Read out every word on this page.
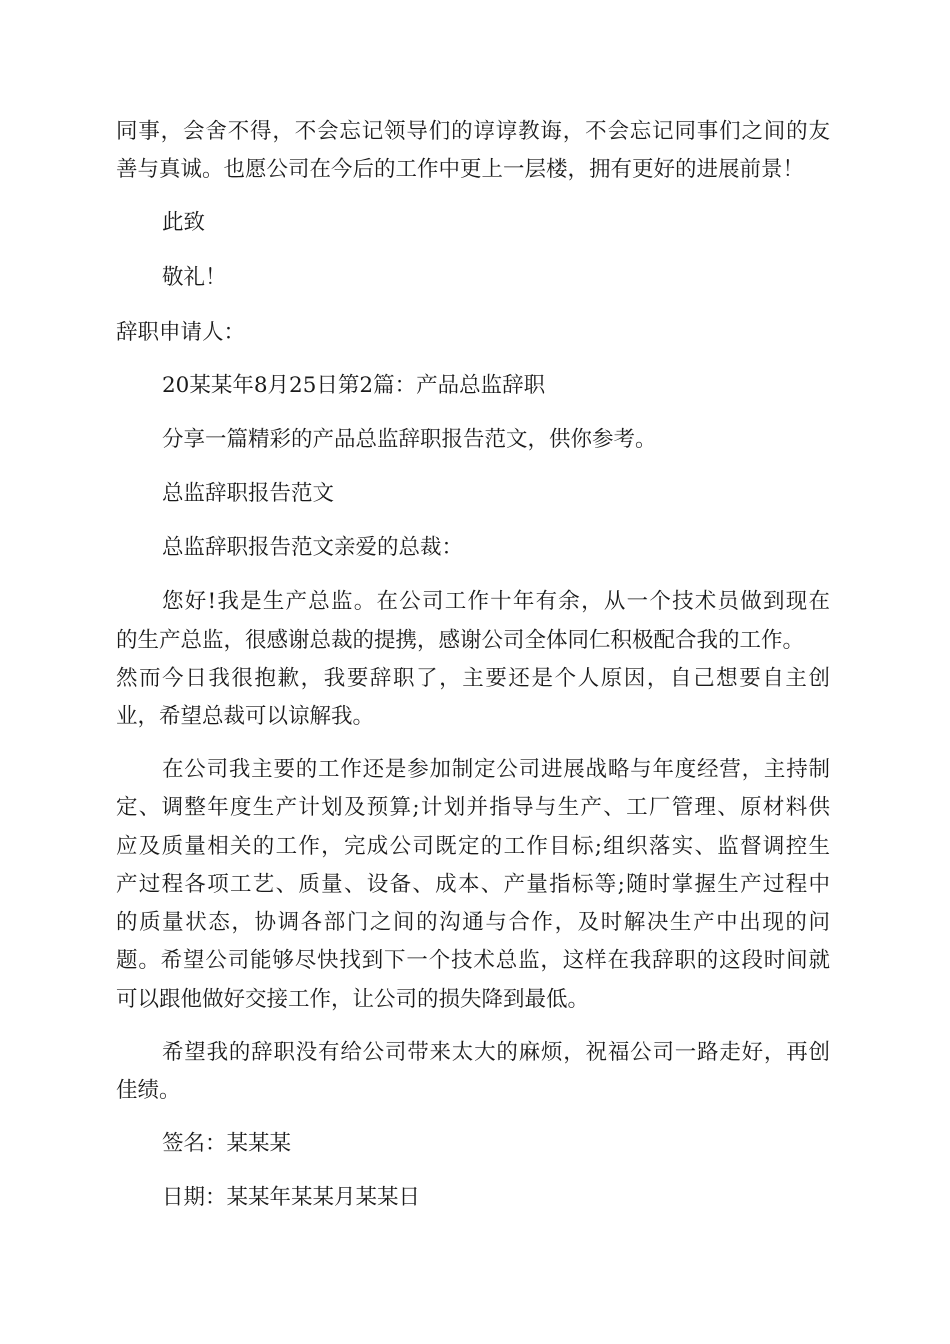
同事，会舍不得，不会忘记领导们的谆谆教诲，不会忘记同事们之间的友
善与真诚。也愿公司在今后的工作中更上一层楼，拥有更好的进展前景！
此致
敬礼！
辞职申请人：
20某某年8月25日第2篇：产品总监辞职
分享一篇精彩的产品总监辞职报告范文，供你参考。
总监辞职报告范文
总监辞职报告范文亲爱的总裁：
您好!我是生产总监。在公司工作十年有余，从一个技术员做到现在
的生产总监，很感谢总裁的提携，感谢公司全体同仁积极配合我的工作。
然而今日我很抱歉，我要辞职了，主要还是个人原因，自己想要自主创
业，希望总裁可以谅解我。
在公司我主要的工作还是参加制定公司进展战略与年度经营，主持制
定、调整年度生产计划及预算;计划并指导与生产、工厂管理、原材料供
应及质量相关的工作，完成公司既定的工作目标;组织落实、监督调控生
产过程各项工艺、质量、设备、成本、产量指标等;随时掌握生产过程中
的质量状态，协调各部门之间的沟通与合作，及时解决生产中出现的问
题。希望公司能够尽快找到下一个技术总监，这样在我辞职的这段时间就
可以跟他做好交接工作，让公司的损失降到最低。
希望我的辞职没有给公司带来太大的麻烦，祝福公司一路走好，再创
佳绩。
签名：某某某
日期：某某年某某月某某日
